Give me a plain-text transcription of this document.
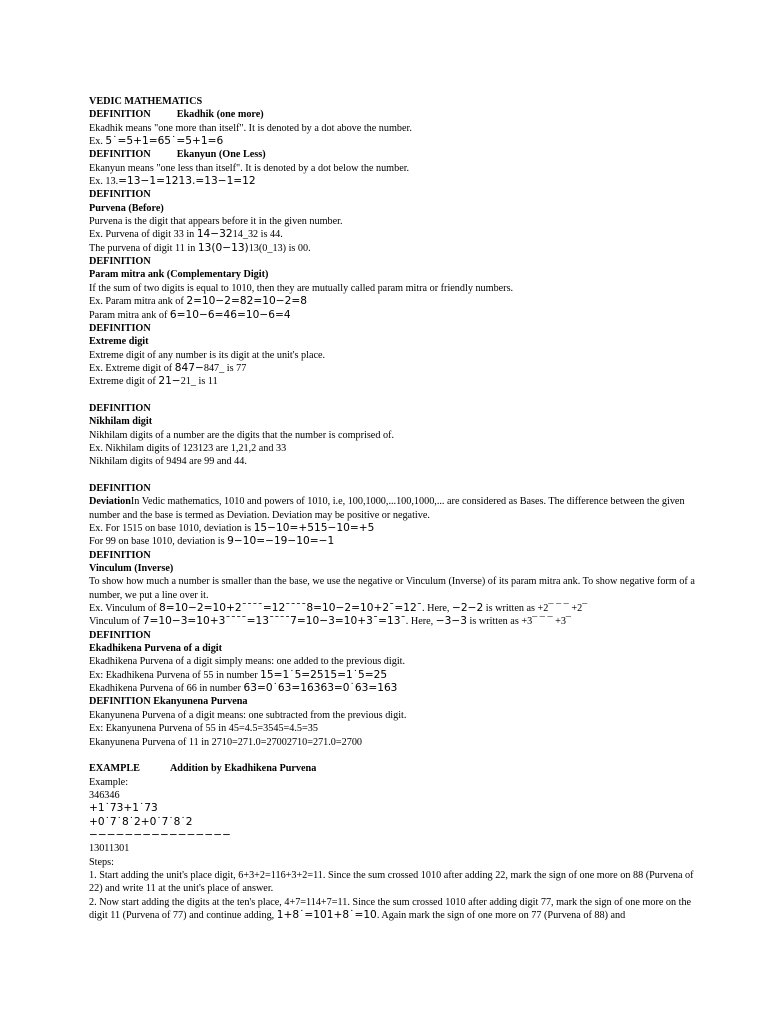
VEDIC MATHEMATICS
DEFINITION	Ekadhik (one more)
Ekadhik means "one more than itself". It is denoted by a dot above the number.
Ex. 5˙=5+1=65˙=5+1=6
DEFINITION	Ekanyun (One Less)
Ekanyun means "one less than itself". It is denoted by a dot below the number.
Ex. 13.=13−1=1213.=13−1=12
DEFINITION
Purvena (Before)
Purvena is the digit that appears before it in the given number.
Ex. Purvena of digit 33 in 14−3214_32 is 44.
The purvena of digit 11 in 13(0−13)13(0_13) is 00.
DEFINITION
Param mitra ank (Complementary Digit)
If the sum of two digits is equal to 1010, then they are mutually called param mitra or friendly numbers.
Ex. Param mitra ank of 2=10−2=82=10−2=8
Param mitra ank of 6=10−6=46=10−6=4
DEFINITION
Extreme digit
Extreme digit of any number is its digit at the unit's place.
Ex. Extreme digit of 847−847_ is 77
Extreme digit of 21−21_ is 11
DEFINITION
Nikhilam digit
Nikhilam digits of a number are the digits that the number is comprised of.
Ex. Nikhilam digits of 123123 are 1,21,2 and 33
Nikhilam digits of 9494 are 99 and 44.
DEFINITION
DeviationIn Vedic mathematics, 1010 and powers of 1010, i.e, 100,1000,...100,1000,... are considered as Bases. The difference between the given number and the base is termed as Deviation. Deviation may be positive or negative.
Ex. For 1515 on base 1010, deviation is 15−10=+515−10=+5
For 99 on base 1010, deviation is 9−10=−19−10=−1
DEFINITION
Vinculum (Inverse)
To show how much a number is smaller than the base, we use the negative or Vinculum (Inverse) of its param mitra ank. To show negative form of a number, we put a line over it.
Ex. Vinculum of 8=10−2=10+2¯¯¯¯=12¯¯¯¯8=10−2=10+2¯=12¯. Here, −2−2 is written as +2¯ ¯ ¯ +2¯
Vinculum of 7=10−3=10+3¯¯¯¯=13¯¯¯¯7=10−3=10+3¯=13¯. Here, −3−3 is written as +3¯ ¯ ¯ +3¯
DEFINITION
Ekadhikena Purvena of a digit
Ekadhikena Purvena of a digit simply means: one added to the previous digit.
Ex: Ekadhikena Purvena of 55 in number 15=1˙5=2515=1˙5=25
Ekadhikena Purvena of 66 in number 63=0˙63=16363=0˙63=163
DEFINITION Ekanyunena Purvena
Ekanyunena Purvena of a digit means: one subtracted from the previous digit.
Ex: Ekanyunena Purvena of 55 in 45=4.5=3545=4.5=35
Ekanyunena Purvena of 11 in 2710=271.0=27002710=271.0=2700
EXAMPLE	Addition by Ekadhikena Purvena
Example:
346346
+1˙73+1˙73
+0˙7˙8˙2+0˙7˙8˙2
−−−−−−−−−−−−−−−−
13011301
Steps:
1. Start adding the unit's place digit, 6+3+2=116+3+2=11. Since the sum crossed 1010 after adding 22, mark the sign of one more on 88 (Purvena of 22) and write 11 at the unit's place of answer.
2. Now start adding the digits at the ten's place, 4+7=114+7=11. Since the sum crossed 1010 after adding digit 77, mark the sign of one more on the digit 11 (Purvena of 77) and continue adding, 1+8˙=101+8˙=10. Again mark the sign of one more on 77 (Purvena of 88) and
